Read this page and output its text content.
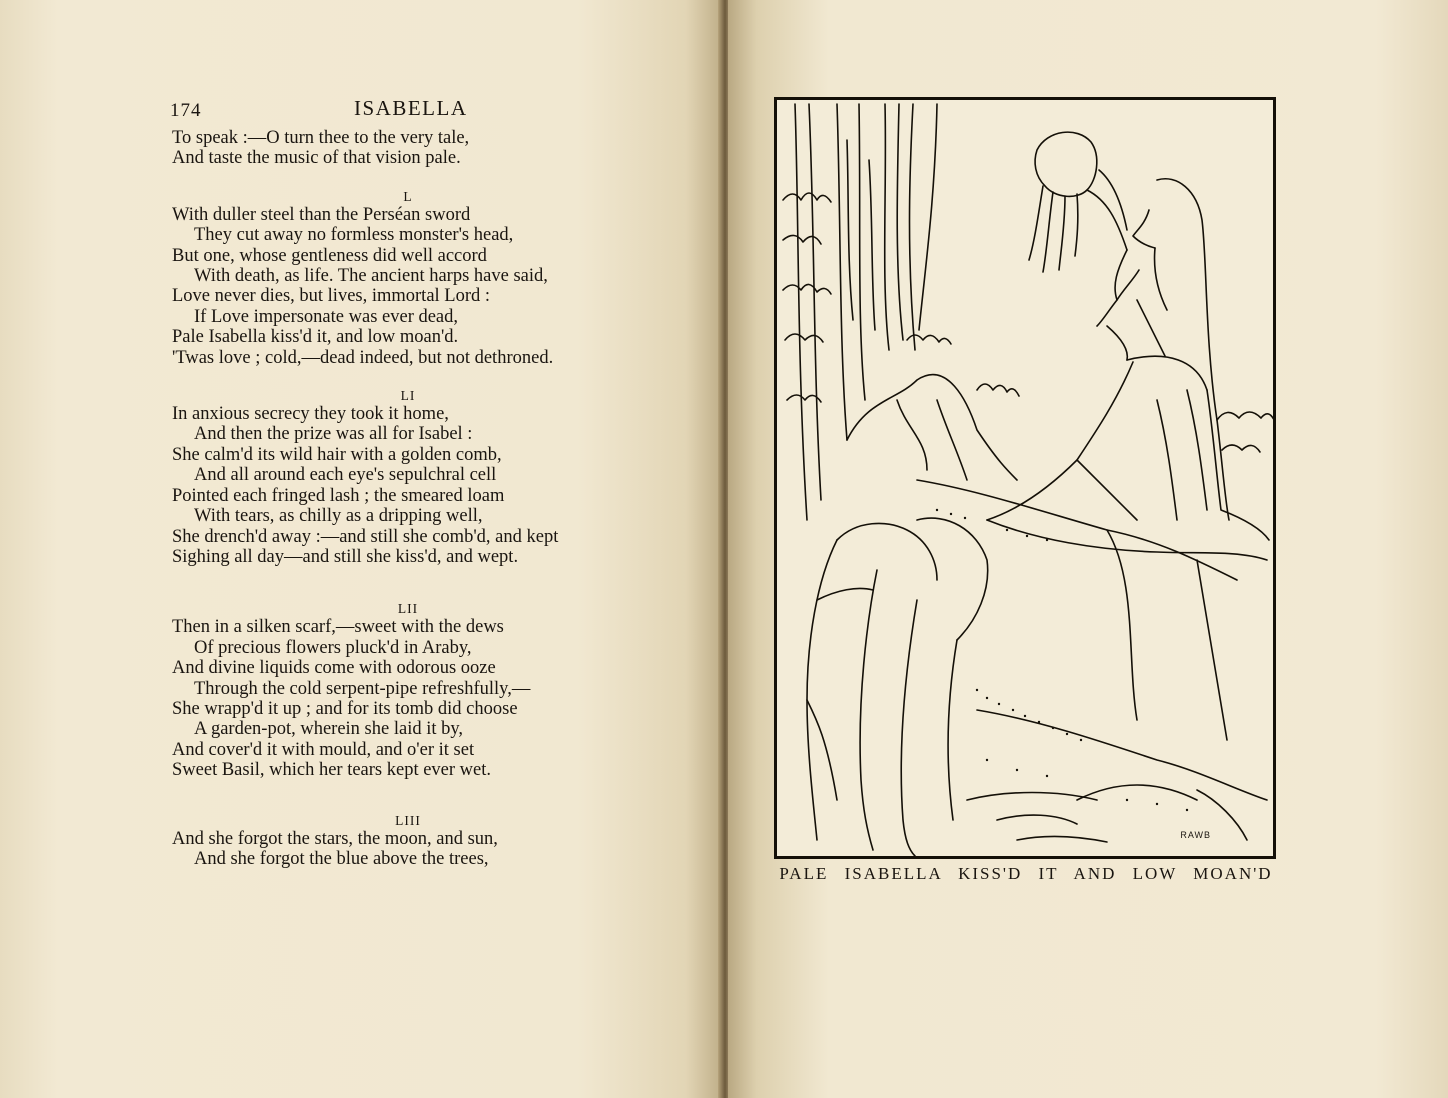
174	ISABELLA
To speak :—O turn thee to the very tale,
And taste the music of that vision pale.
L
With duller steel than the Perséan sword
They cut away no formless monster's head,
But one, whose gentleness did well accord
With death, as life. The ancient harps have said,
Love never dies, but lives, immortal Lord :
If Love impersonate was ever dead,
Pale Isabella kiss'd it, and low moan'd.
'Twas love ; cold,—dead indeed, but not dethroned.
LI
In anxious secrecy they took it home,
And then the prize was all for Isabel :
She calm'd its wild hair with a golden comb,
And all around each eye's sepulchral cell
Pointed each fringed lash ; the smeared loam
With tears, as chilly as a dripping well,
She drench'd away :—and still she comb'd, and kept
Sighing all day—and still she kiss'd, and wept.
LII
Then in a silken scarf,—sweet with the dews
Of precious flowers pluck'd in Araby,
And divine liquids come with odorous ooze
Through the cold serpent-pipe refreshfully,—
She wrapp'd it up ; and for its tomb did choose
A garden-pot, wherein she laid it by,
And cover'd it with mould, and o'er it set
Sweet Basil, which her tears kept ever wet.
LIII
And she forgot the stars, the moon, and sun,
And she forgot the blue above the trees,
RAWB
PALE ISABELLA KISS'D IT AND LOW MOAN'D
